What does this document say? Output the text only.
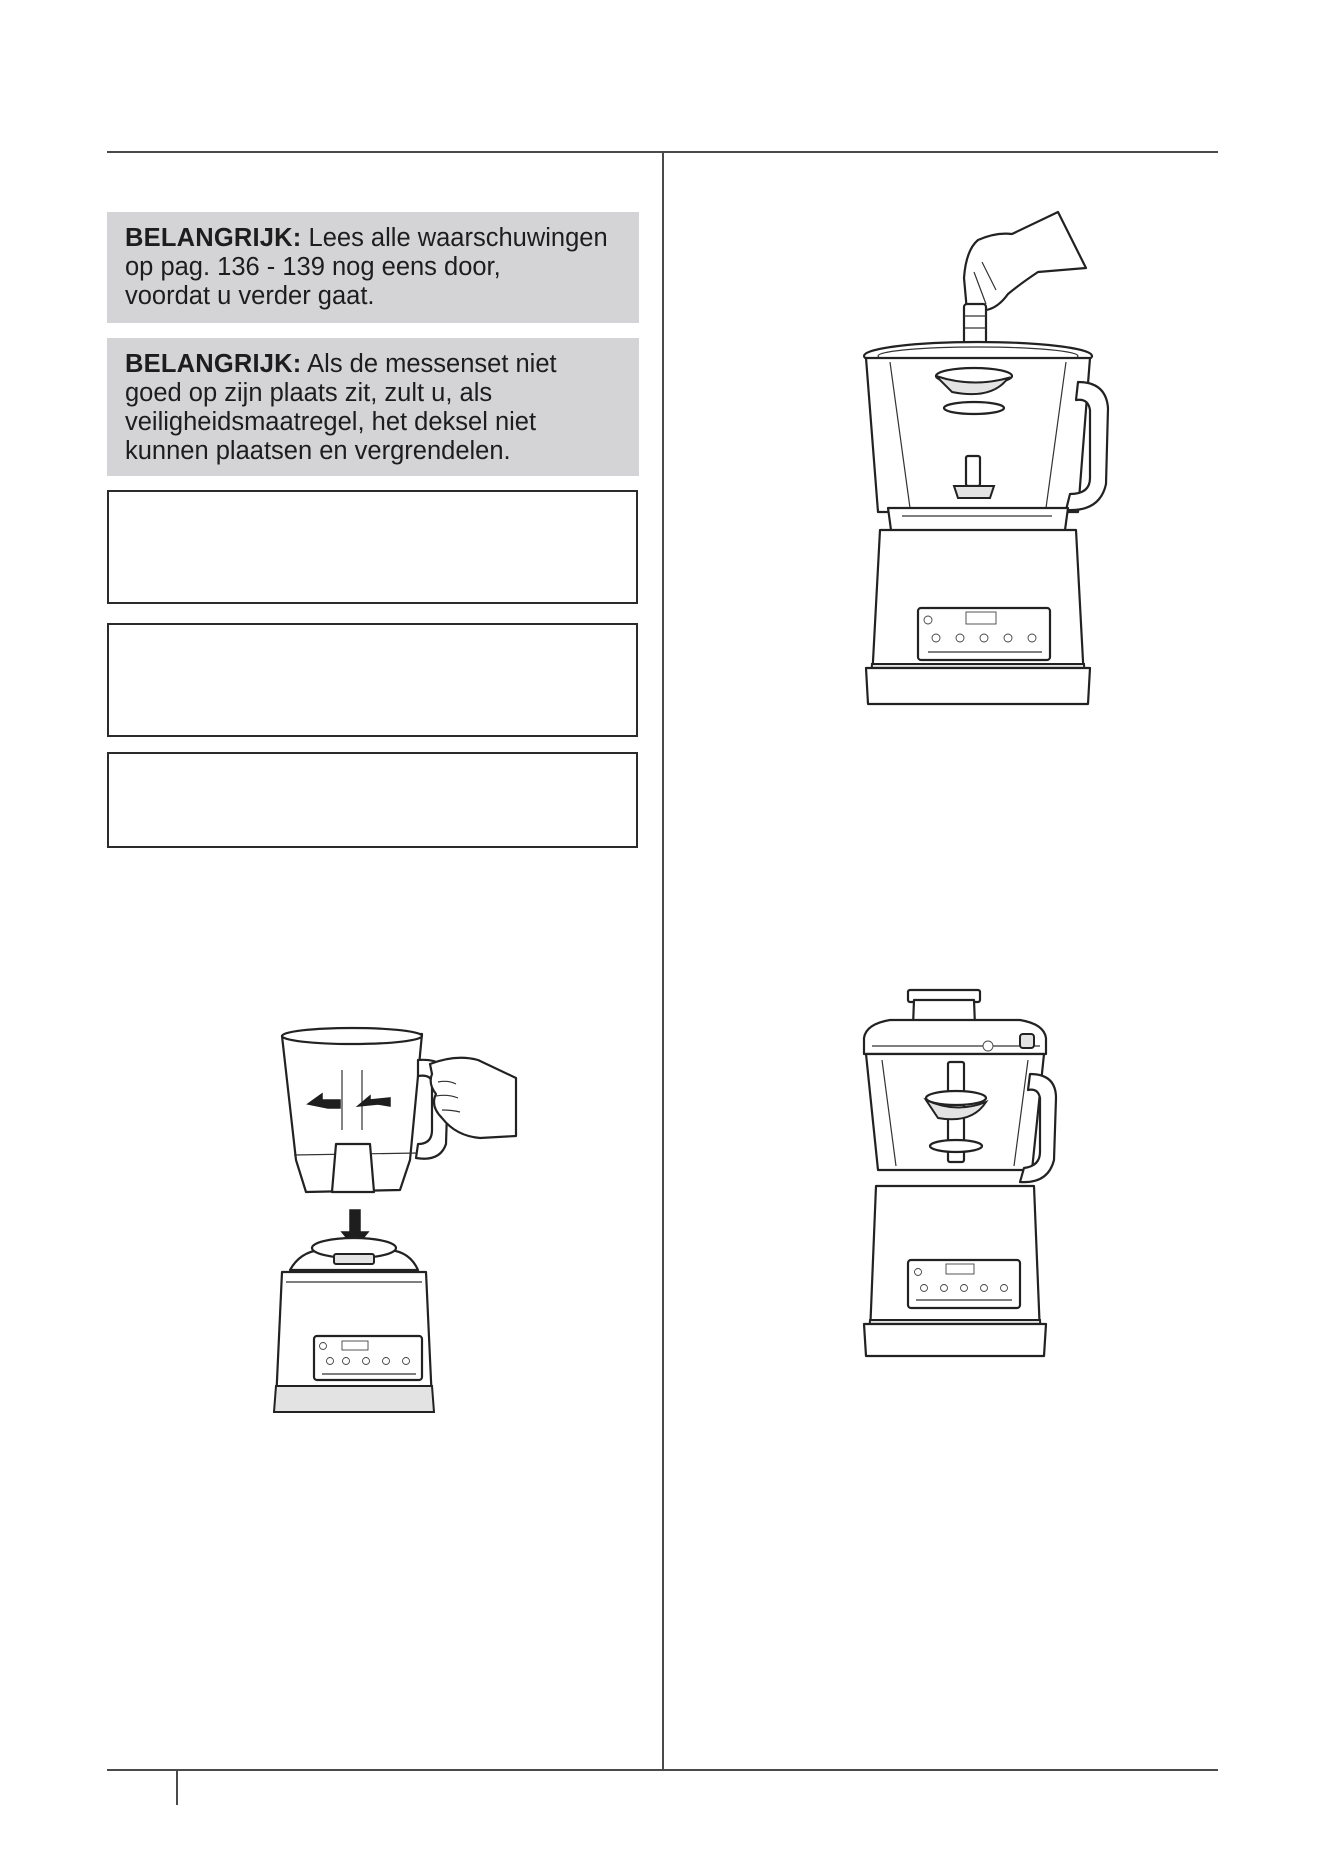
BELANGRIJK: Lees alle waarschuwingen
op pag. 136 - 139 nog eens door,
voordat u verder gaat.
BELANGRIJK: Als de messenset niet
goed op zijn plaats zit, zult u, als
veiligheidsmaatregel, het deksel niet
kunnen plaatsen en vergrendelen.
